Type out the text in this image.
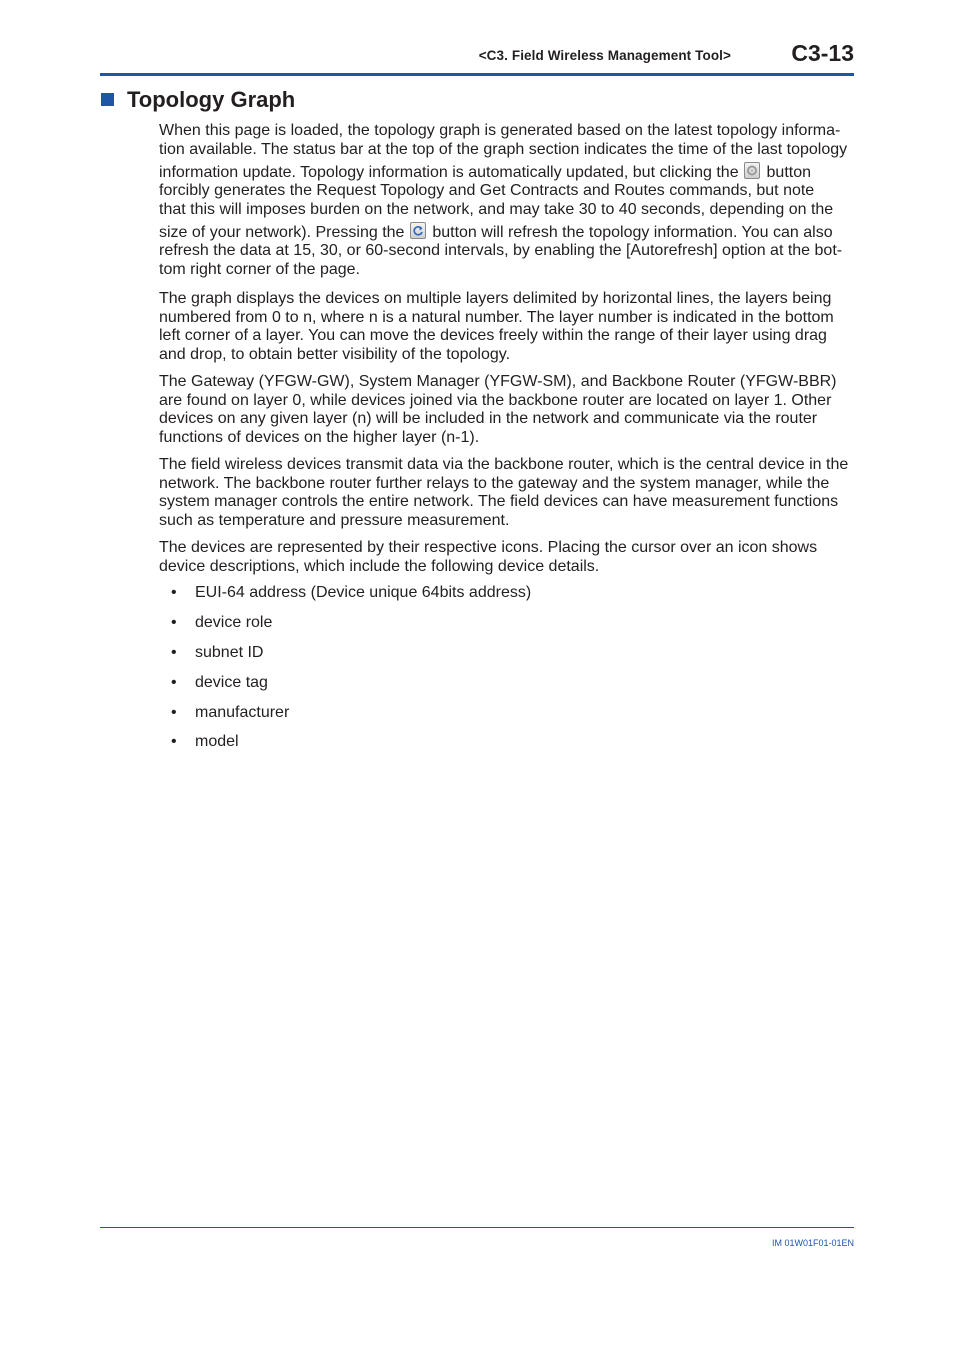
<C3. Field Wireless Management Tool>	C3-13
Topology Graph
When this page is loaded, the topology graph is generated based on the latest topology informa-
tion available. The status bar at the top of the graph section indicates the time of the last topology
information update. Topology information is automatically updated, but clicking the button
forcibly generates the Request Topology and Get Contracts and Routes commands, but note
that this will imposes burden on the network, and may take 30 to 40 seconds, depending on the
size of your network). Pressing the button will refresh the topology information. You can also
refresh the data at 15, 30, or 60-second intervals, by enabling the [Autorefresh] option at the bot-
tom right corner of the page.
The graph displays the devices on multiple layers delimited by horizontal lines, the layers being
numbered from 0 to n, where n is a natural number. The layer number is indicated in the bottom
left corner of a layer. You can move the devices freely within the range of their layer using drag
and drop, to obtain better visibility of the topology.
The Gateway (YFGW-GW), System Manager (YFGW-SM), and Backbone Router (YFGW-BBR)
are found on layer 0, while devices joined via the backbone router are located on layer 1. Other
devices on any given layer (n) will be included in the network and communicate via the router
functions of devices on the higher layer (n-1).
The field wireless devices transmit data via the backbone router, which is the central device in the
network. The backbone router further relays to the gateway and the system manager, while the
system manager controls the entire network. The field devices can have measurement functions
such as temperature and pressure measurement.
The devices are represented by their respective icons. Placing the cursor over an icon shows
device descriptions, which include the following device details.
• EUI-64 address (Device unique 64bits address)
• device role
• subnet ID
• device tag
• manufacturer
• model
IM 01W01F01-01EN
